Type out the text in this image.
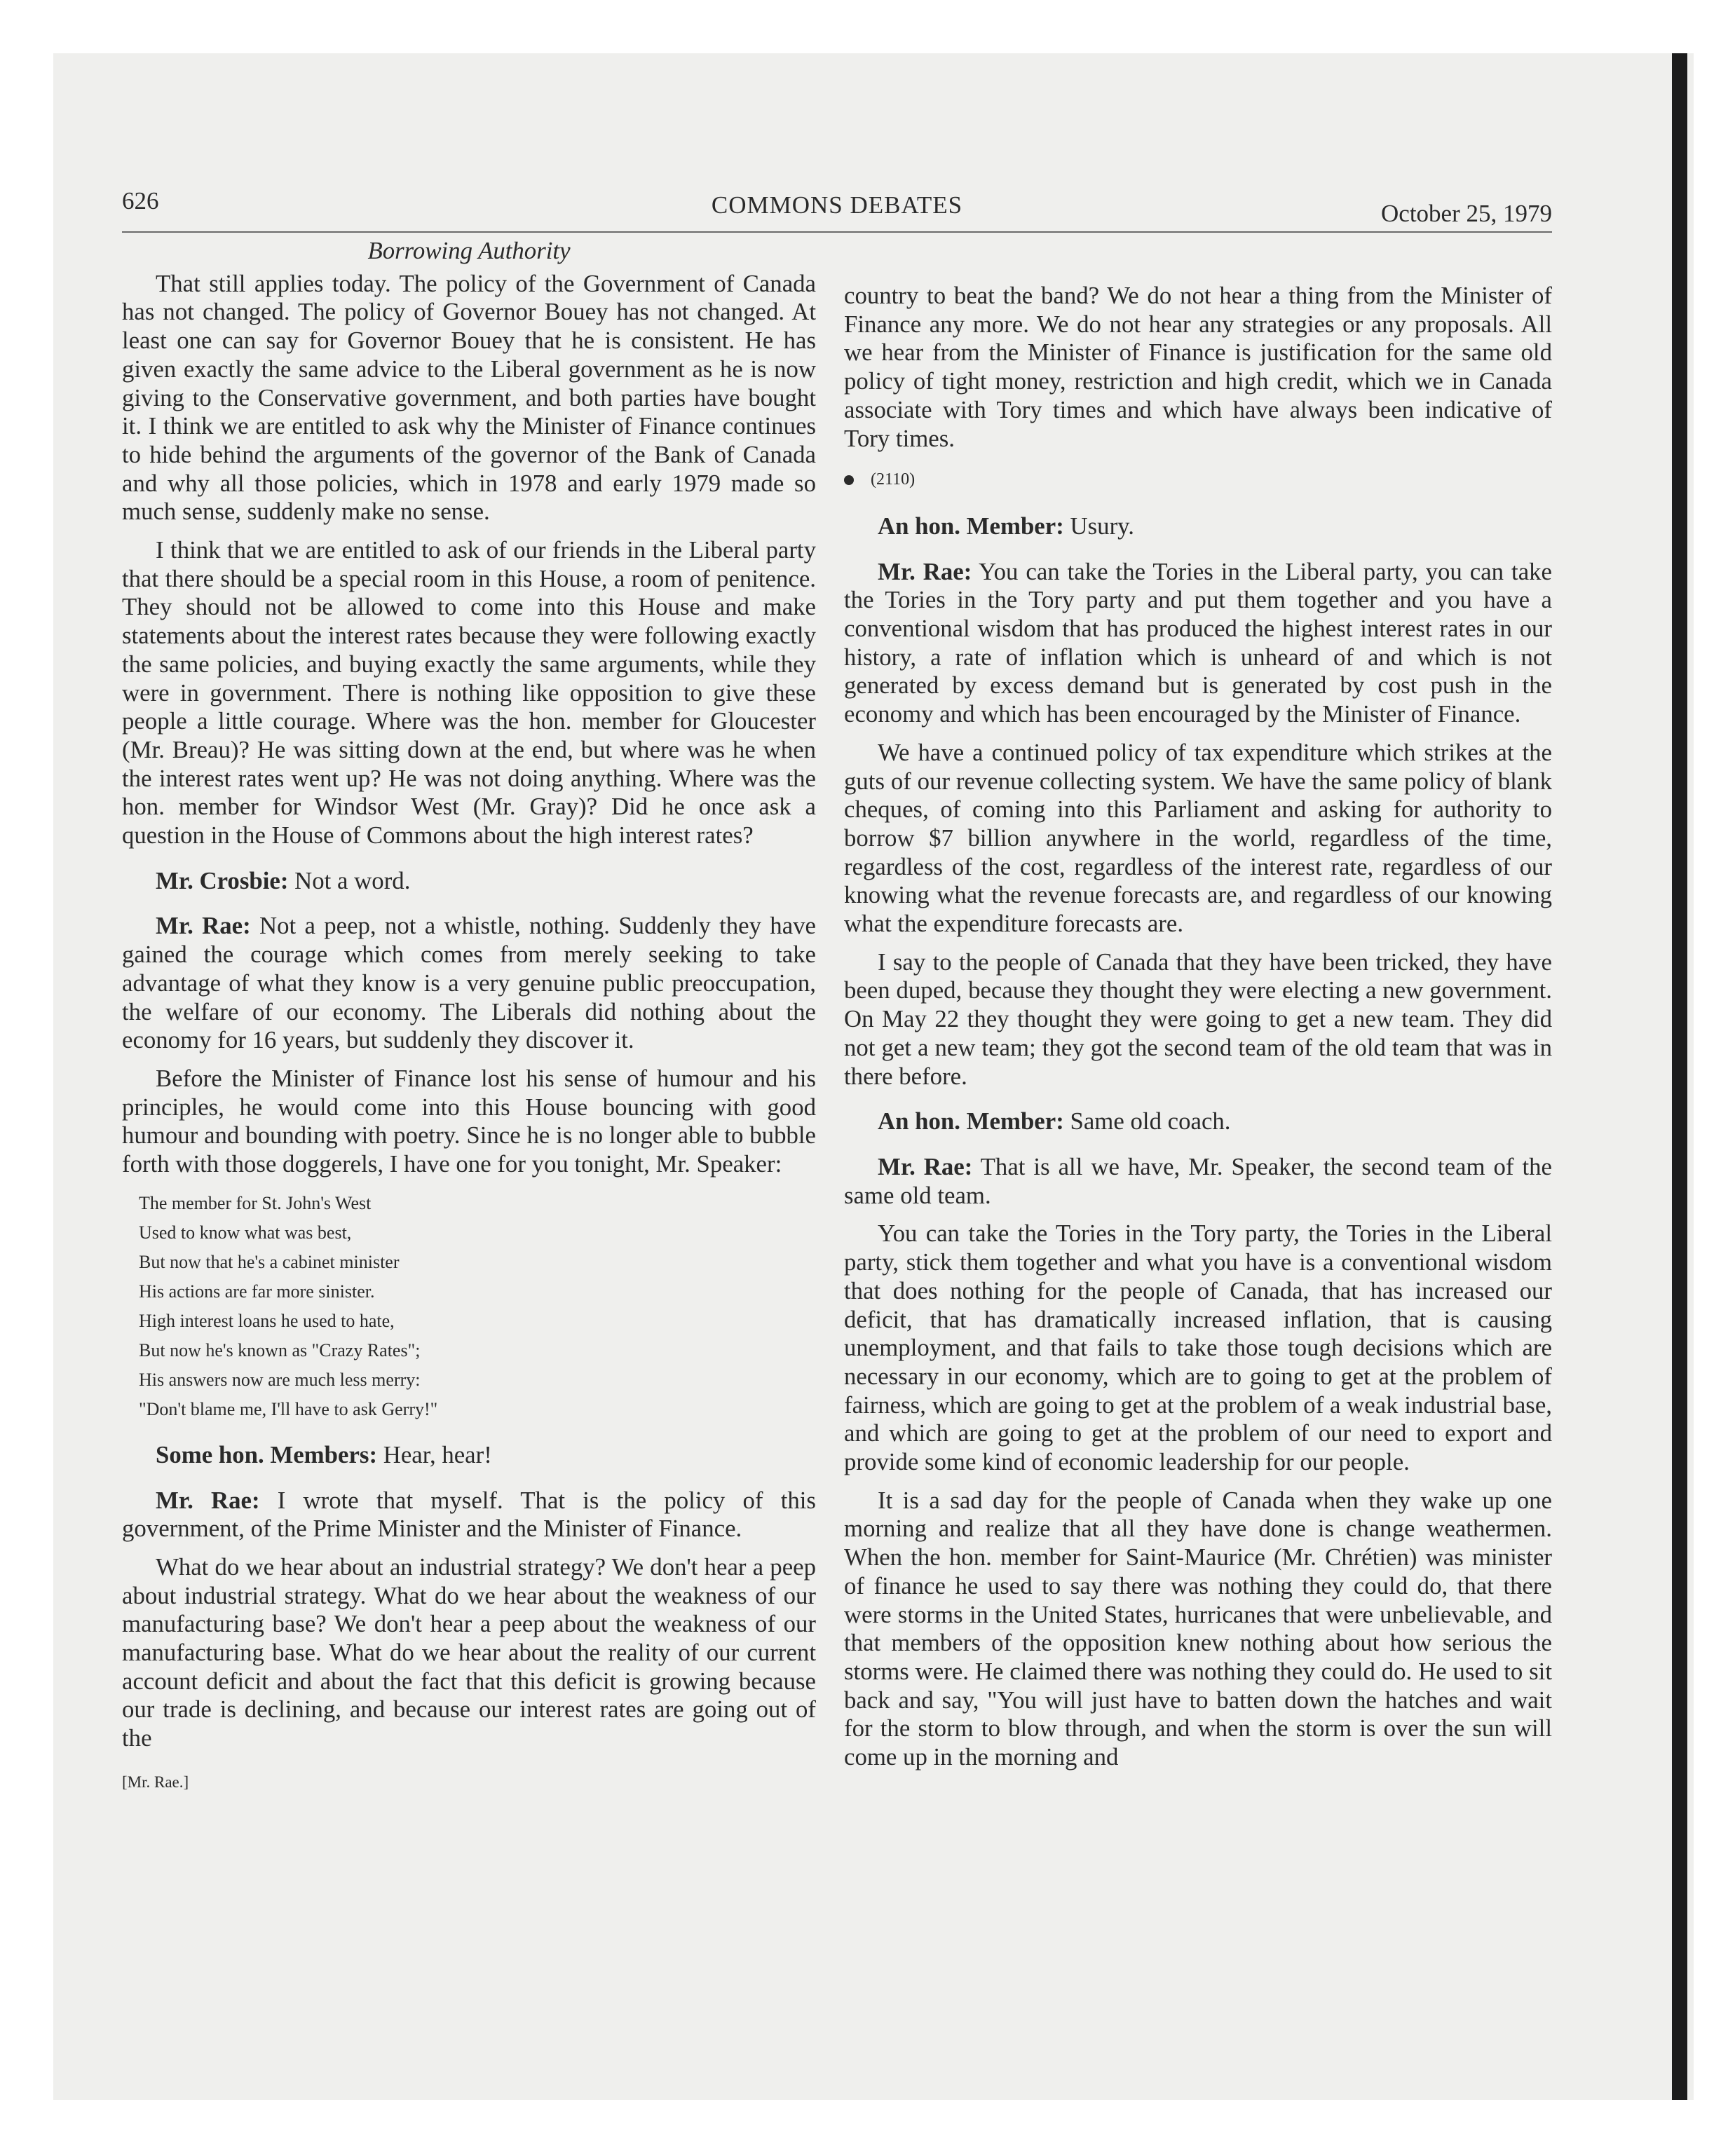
626	COMMONS DEBATES	October 25, 1979
Borrowing Authority

That still applies today. The policy of the Government of Canada has not changed. The policy of Governor Bouey has not changed. At least one can say for Governor Bouey that he is consistent. He has given exactly the same advice to the Liberal government as he is now giving to the Conservative government, and both parties have bought it. I think we are entitled to ask why the Minister of Finance continues to hide behind the arguments of the governor of the Bank of Canada and why all those policies, which in 1978 and early 1979 made so much sense, suddenly make no sense.

I think that we are entitled to ask of our friends in the Liberal party that there should be a special room in this House, a room of penitence. They should not be allowed to come into this House and make statements about the interest rates because they were following exactly the same policies, and buying exactly the same arguments, while they were in government. There is nothing like opposition to give these people a little courage. Where was the hon. member for Gloucester (Mr. Breau)? He was sitting down at the end, but where was he when the interest rates went up? He was not doing anything. Where was the hon. member for Windsor West (Mr. Gray)? Did he once ask a question in the House of Commons about the high interest rates?

Mr. Crosbie: Not a word.

Mr. Rae: Not a peep, not a whistle, nothing. Suddenly they have gained the courage which comes from merely seeking to take advantage of what they know is a very genuine public preoccupation, the welfare of our economy. The Liberals did nothing about the economy for 16 years, but suddenly they discover it.

Before the Minister of Finance lost his sense of humour and his principles, he would come into this House bouncing with good humour and bounding with poetry. Since he is no longer able to bubble forth with those doggerels, I have one for you tonight, Mr. Speaker:

The member for St. John's West
Used to know what was best,
But now that he's a cabinet minister
His actions are far more sinister.
High interest loans he used to hate,
But now he's known as "Crazy Rates";
His answers now are much less merry:
"Don't blame me, I'll have to ask Gerry!"

Some hon. Members: Hear, hear!

Mr. Rae: I wrote that myself. That is the policy of this government, of the Prime Minister and the Minister of Finance.

What do we hear about an industrial strategy? We don't hear a peep about industrial strategy. What do we hear about the weakness of our manufacturing base? We don't hear a peep about the weakness of our manufacturing base. What do we hear about the reality of our current account deficit and about the fact that this deficit is growing because our trade is declining, and because our interest rates are going out of the

[Mr. Rae.]

country to beat the band? We do not hear a thing from the Minister of Finance any more. We do not hear any strategies or any proposals. All we hear from the Minister of Finance is justification for the same old policy of tight money, restriction and high credit, which we in Canada associate with Tory times and which have always been indicative of Tory times.

(2110)

An hon. Member: Usury.

Mr. Rae: You can take the Tories in the Liberal party, you can take the Tories in the Tory party and put them together and you have a conventional wisdom that has produced the highest interest rates in our history, a rate of inflation which is unheard of and which is not generated by excess demand but is generated by cost push in the economy and which has been encouraged by the Minister of Finance.

We have a continued policy of tax expenditure which strikes at the guts of our revenue collecting system. We have the same policy of blank cheques, of coming into this Parliament and asking for authority to borrow $7 billion anywhere in the world, regardless of the time, regardless of the cost, regardless of the interest rate, regardless of our knowing what the revenue forecasts are, and regardless of our knowing what the expenditure forecasts are.

I say to the people of Canada that they have been tricked, they have been duped, because they thought they were electing a new government. On May 22 they thought they were going to get a new team. They did not get a new team; they got the second team of the old team that was in there before.

An hon. Member: Same old coach.

Mr. Rae: That is all we have, Mr. Speaker, the second team of the same old team.

You can take the Tories in the Tory party, the Tories in the Liberal party, stick them together and what you have is a conventional wisdom that does nothing for the people of Canada, that has increased our deficit, that has dramatically increased inflation, that is causing unemployment, and that fails to take those tough decisions which are necessary in our economy, which are to going to get at the problem of fairness, which are going to get at the problem of a weak industrial base, and which are going to get at the problem of our need to export and provide some kind of economic leadership for our people.

It is a sad day for the people of Canada when they wake up one morning and realize that all they have done is change weathermen. When the hon. member for Saint-Maurice (Mr. Chrétien) was minister of finance he used to say there was nothing they could do, that there were storms in the United States, hurricanes that were unbelievable, and that members of the opposition knew nothing about how serious the storms were. He claimed there was nothing they could do. He used to sit back and say, "You will just have to batten down the hatches and wait for the storm to blow through, and when the storm is over the sun will come up in the morning and
